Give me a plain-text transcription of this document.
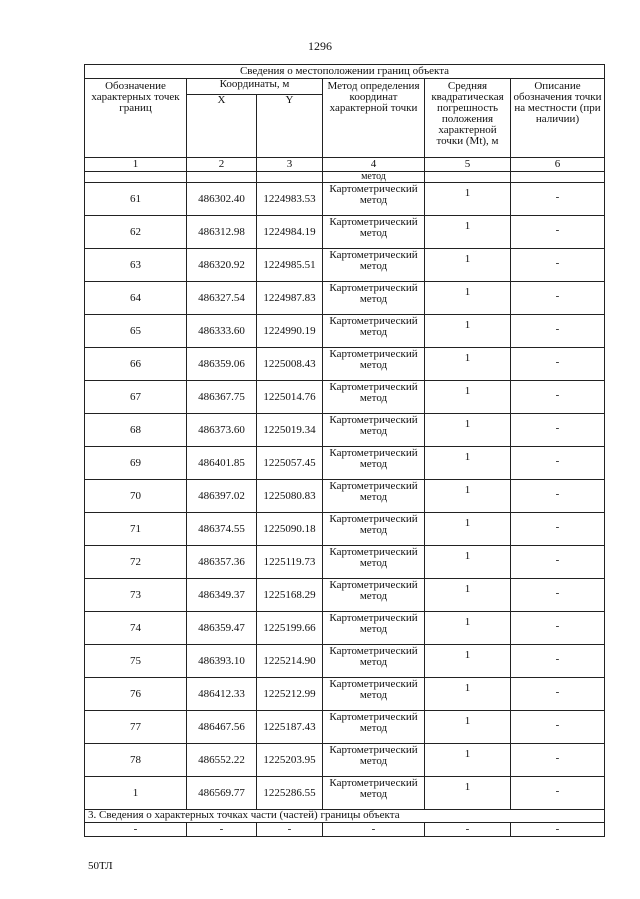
1296
Сведения о местоположении границ объекта					

Обозначение характерных точек границ	Координаты, м		Метод определения координат характерной точки	Средняя квадратическая погрешность положения характерной точки (Mt), м	Описание обозначения точки на местности (при наличии)

	X	Y			
1	2	3	4	5	6
			метод		
61	486302.40	1224983.53	Картометрический
метод	1	-
62	486312.98	1224984.19	Картометрический
метод	1	-
63	486320.92	1224985.51	Картометрический
метод	1	-
64	486327.54	1224987.83	Картометрический
метод	1	-
65	486333.60	1224990.19	Картометрический
метод	1	-
66	486359.06	1225008.43	Картометрический
метод	1	-
67	486367.75	1225014.76	Картометрический
метод	1	-
68	486373.60	1225019.34	Картометрический
метод	1	-
69	486401.85	1225057.45	Картометрический
метод	1	-
70	486397.02	1225080.83	Картометрический
метод	1	-
71	486374.55	1225090.18	Картометрический
метод	1	-
72	486357.36	1225119.73	Картометрический
метод	1	-
73	486349.37	1225168.29	Картометрический
метод	1	-
74	486359.47	1225199.66	Картометрический
метод	1	-
75	486393.10	1225214.90	Картометрический
метод	1	-
76	486412.33	1225212.99	Картометрический
метод	1	-
77	486467.56	1225187.43	Картометрический
метод	1	-
78	486552.22	1225203.95	Картометрический
метод	1	-
1	486569.77	1225286.55	Картометрический
метод	1	-
3. Сведения о характерных точках части (частей) границы объекта					
-	-	-	-	-	-
50ТЛ
